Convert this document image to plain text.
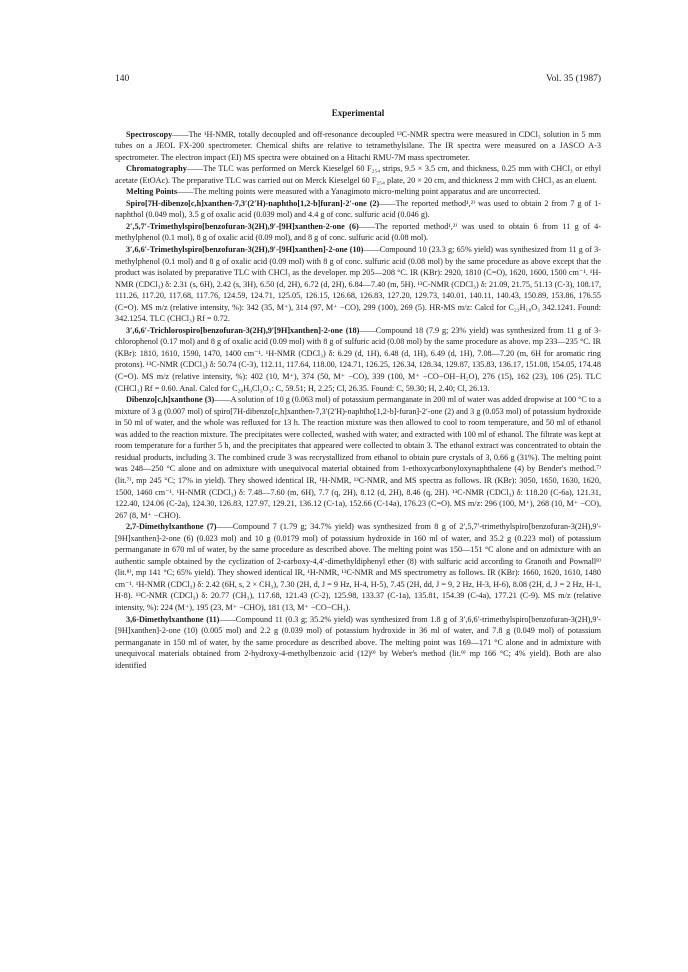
140	Vol. 35 (1987)
Experimental

Spectroscopy——The ¹H-NMR, totally decoupled and off-resonance decoupled ¹³C-NMR spectra were measured in CDCl₃ solution in 5 mm tubes on a JEOL FX-200 spectrometer. Chemical shifts are relative to tetramethylsilane. The IR spectra were measured on a JASCO A-3 spectrometer. The electron impact (EI) MS spectra were obtained on a Hitachi RMU-7M mass spectrometer.

Chromatography——The TLC was performed on Merck Kieselgel 60 F₂₅₄ strips, 9.5 × 3.5 cm, and thickness, 0.25 mm with CHCl₃ or ethyl acetate (EtOAc). The preparative TLC was carried out on Merck Kieselgel 60 F₂₅₄ plate, 20 × 20 cm, and thickness 2 mm with CHCl₃ as an eluent.

Melting Points——The melting points were measured with a Yanagimoto micro-melting point apparatus and are uncorrected.

Spiro[7H-dibenzo[c,h]xanthen-7,3′(2′H)-naphtho[1,2-b]furan]-2′-one (2)——The reported method¹,²⁾ was used to obtain 2 from 7 g of 1-naphthol (0.049 mol), 3.5 g of oxalic acid (0.039 mol) and 4.4 g of conc. sulfuric acid (0.046 g).

2′,5,7′-Trimethylspiro[benzofuran-3(2H),9′-[9H]xanthen-2-one (6)——The reported method¹,²⁾ was used to obtain 6 from 11 g of 4-methylphenol (0.1 mol), 8 g of oxalic acid (0.09 mol), and 8 g of conc. sulfuric acid (0.08 mol).

3′,6,6′-Trimethylspiro[benzofuran-3(2H),9′-[9H]xanthen]-2-one (10)——Compound 10 (23.3 g; 65% yield) was synthesized from 11 g of 3-methylphenol (0.1 mol) and 8 g of oxalic acid (0.09 mol) with 8 g of conc. sulfuric acid (0.08 mol) by the same procedure as above except that the product was isolated by preparative TLC with CHCl₃ as the developer. mp 205—208 °C. IR (KBr): 2920, 1810 (C=O), 1620, 1600, 1500 cm⁻¹. ¹H-NMR (CDCl₃) δ: 2.31 (s, 6H), 2.42 (s, 3H), 6.50 (d, 2H), 6.72 (d, 2H), 6.84—7.40 (m, 5H). ¹³C-NMR (CDCl₃) δ: 21.09, 21.75, 51.13 (C-3), 108.17, 111.26, 117.20, 117.68, 117.76, 124.59, 124.71, 125.05, 126.15, 126.68, 126.83, 127.20, 129.73, 140.01, 140.11, 140.43, 150.89, 153.86, 176.55 (C=O). MS m/z (relative intensity, %): 342 (35, M⁺), 314 (97, M⁺ −CO), 299 (100), 269 (5). HR-MS m/z: Calcd for C₂₃H₁₈O₃ 342.1241. Found: 342.1254. TLC (CHCl₃) Rf = 0.72.

3′,6,6′-Trichlorospiro[benzofuran-3(2H),9′[9H]xanthen]-2-one (18)——Compound 18 (7.9 g; 23% yield) was synthesized from 11 g of 3-chlorophenol (0.17 mol) and 8 g of oxalic acid (0.09 mol) with 8 g of sulfuric acid (0.08 mol) by the same procedure as above. mp 233—235 °C. IR (KBr): 1810, 1610, 1590, 1470, 1400 cm⁻¹. ¹H-NMR (CDCl₃) δ: 6.29 (d, 1H), 6.48 (d, 1H), 6.49 (d, 1H), 7.08—7.20 (m, 6H for aromatic ring protons). ¹³C-NMR (CDCl₃) δ: 50.74 (C-3), 112.11, 117.64, 118.00, 124.71, 126.25, 126.34, 128.34, 129.87, 135.83, 136.17, 151.08, 154.05, 174.48 (C=O). MS m/z (relative intensity, %): 402 (10, M⁺), 374 (50, M⁺ −CO), 339 (100, M⁺ −CO−OH−H₂O), 276 (15), 162 (23), 106 (25). TLC (CHCl₃) Rf = 0.60. Anal. Calcd for C₂₀H₉Cl₃O₃: C, 59.51; H, 2.25; Cl, 26.35. Found: C, 59.30; H, 2.40; Cl, 26.13.

Dibenzo[c,h]xanthone (3)——A solution of 10 g (0.063 mol) of potassium permanganate in 200 ml of water was added dropwise at 100 °C to a mixture of 3 g (0.007 mol) of spiro[7H-dibenzo[c,h]xanthen-7,3′(2′H)-naphtho[1,2-b]-furan]-2′-one (2) and 3 g (0.053 mol) of potassium hydroxide in 50 ml of water, and the whole was refluxed for 13 h. The reaction mixture was then allowed to cool to room temperature, and 50 ml of ethanol was added to the reaction mixture. The precipitates were collected, washed with water, and extracted with 100 ml of ethanol. The filtrate was kept at room temperature for a further 5 h, and the precipitates that appeared were collected to obtain 3. The ethanol extract was concentrated to obtain the residual products, including 3. The combined crude 3 was recrystallized from ethanol to obtain pure crystals of 3, 0.66 g (31%). The melting point was 248—250 °C alone and on admixture with unequivocal material obtained from 1-ethoxycarbonyloxynaphthalene (4) by Bender's method.⁷⁾ (lit.⁷⁾, mp 245 °C; 17% in yield). They showed identical IR, ¹H-NMR, ¹³C-NMR, and MS spectra as follows. IR (KBr): 3050, 1650, 1630, 1620, 1500, 1460 cm⁻¹. ¹H-NMR (CDCl₃) δ: 7.48—7.60 (m, 6H), 7.7 (q, 2H), 8.12 (d, 2H), 8.46 (q, 2H). ¹³C-NMR (CDCl₃) δ: 118.20 (C-6a), 121.31, 122.40, 124.06 (C-2a), 124.30, 126.83, 127.97, 129.21, 136.12 (C-1a), 152.66 (C-14a), 176.23 (C=O). MS m/z: 296 (100, M⁺), 268 (10, M⁺ −CO), 267 (8, M⁺ −CHO).

2,7-Dimethylxanthone (7)——Compound 7 (1.79 g; 34.7% yield) was synthesized from 8 g of 2′,5,7′-trimethylspiro[benzofuran-3(2H),9′-[9H]xanthen]-2-one (6) (0.023 mol) and 10 g (0.0179 mol) of potassium hydroxide in 160 ml of water, and 35.2 g (0.223 mol) of potassium permanganate in 670 ml of water, by the same procedure as described above. The melting point was 150—151 °C alone and on admixture with an authentic sample obtained by the cyclization of 2-carboxy-4,4′-dimethyldiphenyl ether (8) with sulfuric acid according to Granoth and Pownall⁸⁾ (lit.⁸⁾, mp 141 °C; 65% yield). They showed identical IR, ¹H-NMR, ¹³C-NMR and MS spectrometry as follows. IR (KBr): 1660, 1620, 1610, 1480 cm⁻¹. ¹H-NMR (CDCl₃) δ: 2.42 (6H, s, 2 × CH₃), 7.30 (2H, d, J = 9 Hz, H-4, H-5), 7.45 (2H, dd, J = 9, 2 Hz, H-3, H-6), 8.08 (2H, d, J = 2 Hz, H-1, H-8). ¹³C-NMR (CDCl₃) δ: 20.77 (CH₃), 117.68, 121.43 (C-2), 125.98, 133.37 (C-1a), 135.81, 154.39 (C-4a), 177.21 (C-9). MS m/z (relative intensity, %): 224 (M⁺), 195 (23, M⁺ −CHO), 181 (13, M⁺ −CO−CH₃).

3,6-Dimethylxanthone (11)——Compound 11 (0.3 g; 35.2% yield) was synthesized from 1.8 g of 3′,6,6′-trimethylspiro[benzofuran-3(2H),9′-[9H]xanthen]-2-one (10) (0.005 mol) and 2.2 g (0.039 mol) of potassium hydroxide in 36 ml of water, and 7.8 g (0.049 mol) of potassium permanganate in 150 ml of water, by the same procedure as described above. The melting point was 169—171 °C alone and in admixture with unequivocal materials obtained from 2-hydroxy-4-methylbenzoic acid (12)⁹⁾ by Weber's method (lit.⁹⁾ mp 166 °C; 4% yield). Both are also identified
